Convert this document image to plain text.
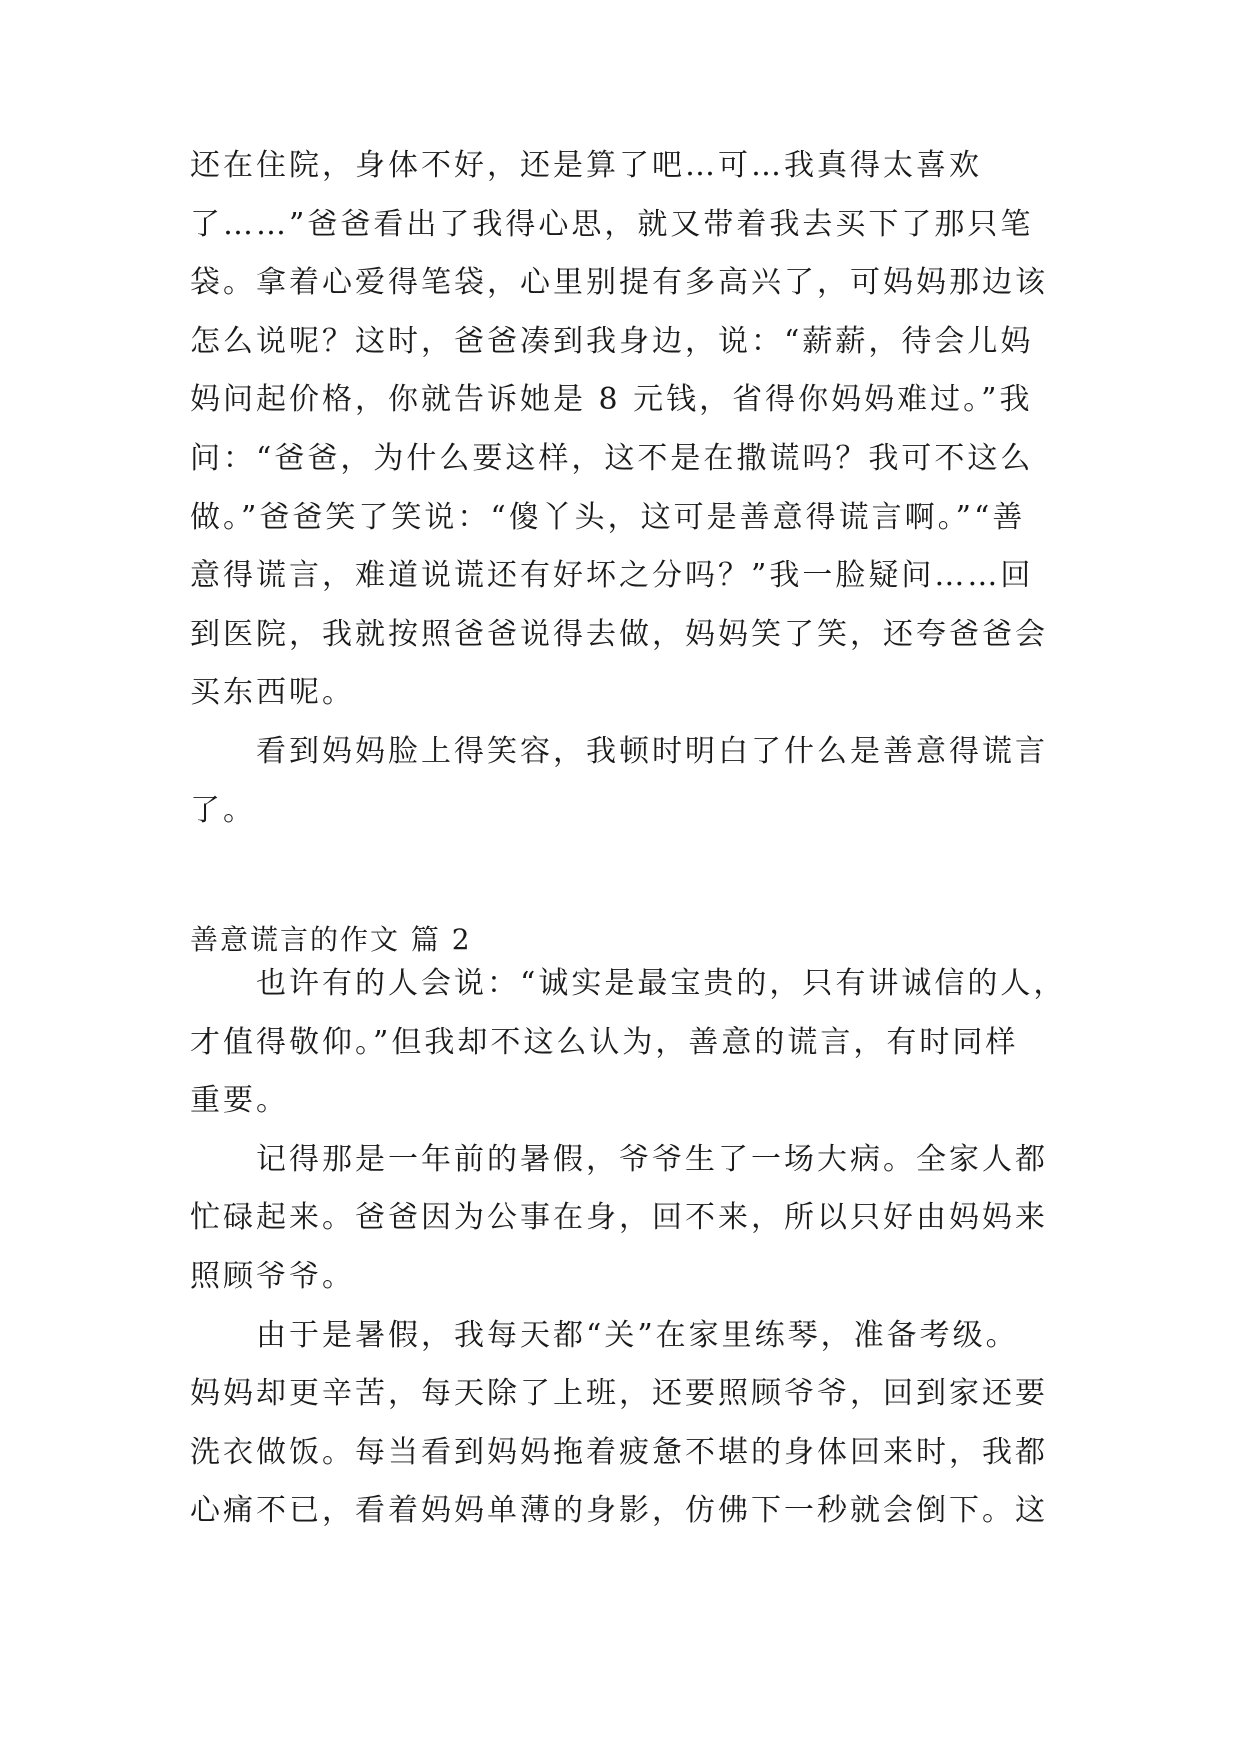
还在住院，身体不好，还是算了吧…可…我真得太喜欢
了……”爸爸看出了我得心思，就又带着我去买下了那只笔
袋。拿着心爱得笔袋，心里别提有多高兴了，可妈妈那边该
怎么说呢？这时，爸爸凑到我身边，说：“薪薪，待会儿妈
妈问起价格，你就告诉她是 8 元钱，省得你妈妈难过。”我
问：“爸爸，为什么要这样，这不是在撒谎吗？我可不这么
做。”爸爸笑了笑说：“傻丫头，这可是善意得谎言啊。”“善
意得谎言，难道说谎还有好坏之分吗？”我一脸疑问……回
到医院，我就按照爸爸说得去做，妈妈笑了笑，还夸爸爸会
买东西呢。
　　看到妈妈脸上得笑容，我顿时明白了什么是善意得谎言
了。
善意谎言的作文 篇 2
　　也许有的人会说：“诚实是最宝贵的，只有讲诚信的人，
才值得敬仰。”但我却不这么认为，善意的谎言，有时同样
重要。
　　记得那是一年前的暑假，爷爷生了一场大病。全家人都
忙碌起来。爸爸因为公事在身，回不来，所以只好由妈妈来
照顾爷爷。
　　由于是暑假，我每天都“关”在家里练琴，准备考级。
妈妈却更辛苦，每天除了上班，还要照顾爷爷，回到家还要
洗衣做饭。每当看到妈妈拖着疲惫不堪的身体回来时，我都
心痛不已，看着妈妈单薄的身影，仿佛下一秒就会倒下。这
